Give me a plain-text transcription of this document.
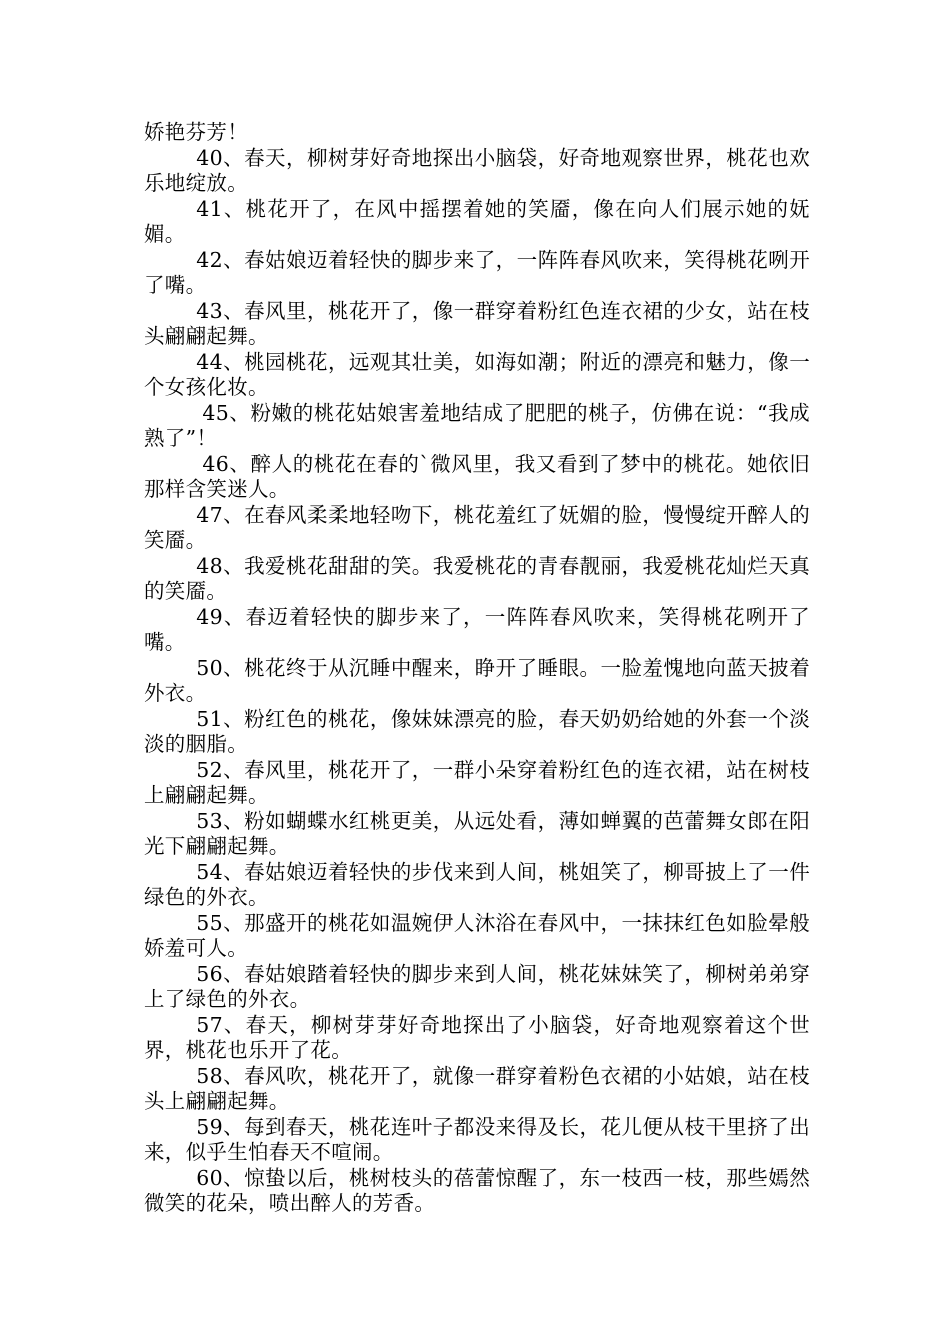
娇艳芬芳！

40、春天，柳树芽好奇地探出小脑袋，好奇地观察世界，桃花也欢乐地绽放。

41、桃花开了，在风中摇摆着她的笑靥，像在向人们展示她的妩媚。

42、春姑娘迈着轻快的脚步来了，一阵阵春风吹来，笑得桃花咧开了嘴。

43、春风里，桃花开了，像一群穿着粉红色连衣裙的少女，站在枝头翩翩起舞。

44、桃园桃花，远观其壮美，如海如潮；附近的漂亮和魅力，像一个女孩化妆。

45、粉嫩的桃花姑娘害羞地结成了肥肥的桃子，仿佛在说：“我成熟了”！

46、醉人的桃花在春的`微风里，我又看到了梦中的桃花。她依旧那样含笑迷人。

47、在春风柔柔地轻吻下，桃花羞红了妩媚的脸，慢慢绽开醉人的笑靥。

48、我爱桃花甜甜的笑。我爱桃花的青春靓丽，我爱桃花灿烂天真的笑靥。

49、春迈着轻快的脚步来了，一阵阵春风吹来，笑得桃花咧开了嘴。

50、桃花终于从沉睡中醒来，睁开了睡眼。一脸羞愧地向蓝天披着外衣。

51、粉红色的桃花，像妹妹漂亮的脸，春天奶奶给她的外套一个淡淡的胭脂。

52、春风里，桃花开了，一群小朵穿着粉红色的连衣裙，站在树枝上翩翩起舞。

53、粉如蝴蝶水红桃更美，从远处看，薄如蝉翼的芭蕾舞女郎在阳光下翩翩起舞。

54、春姑娘迈着轻快的步伐来到人间，桃姐笑了，柳哥披上了一件绿色的外衣。

55、那盛开的桃花如温婉伊人沐浴在春风中，一抹抹红色如脸晕般娇羞可人。

56、春姑娘踏着轻快的脚步来到人间，桃花妹妹笑了，柳树弟弟穿上了绿色的外衣。

57、春天，柳树芽芽好奇地探出了小脑袋，好奇地观察着这个世界，桃花也乐开了花。

58、春风吹，桃花开了，就像一群穿着粉色衣裙的小姑娘，站在枝头上翩翩起舞。

59、每到春天，桃花连叶子都没来得及长，花儿便从枝干里挤了出来，似乎生怕春天不喧闹。

60、惊蛰以后，桃树枝头的蓓蕾惊醒了，东一枝西一枝，那些嫣然微笑的花朵，喷出醉人的芳香。
